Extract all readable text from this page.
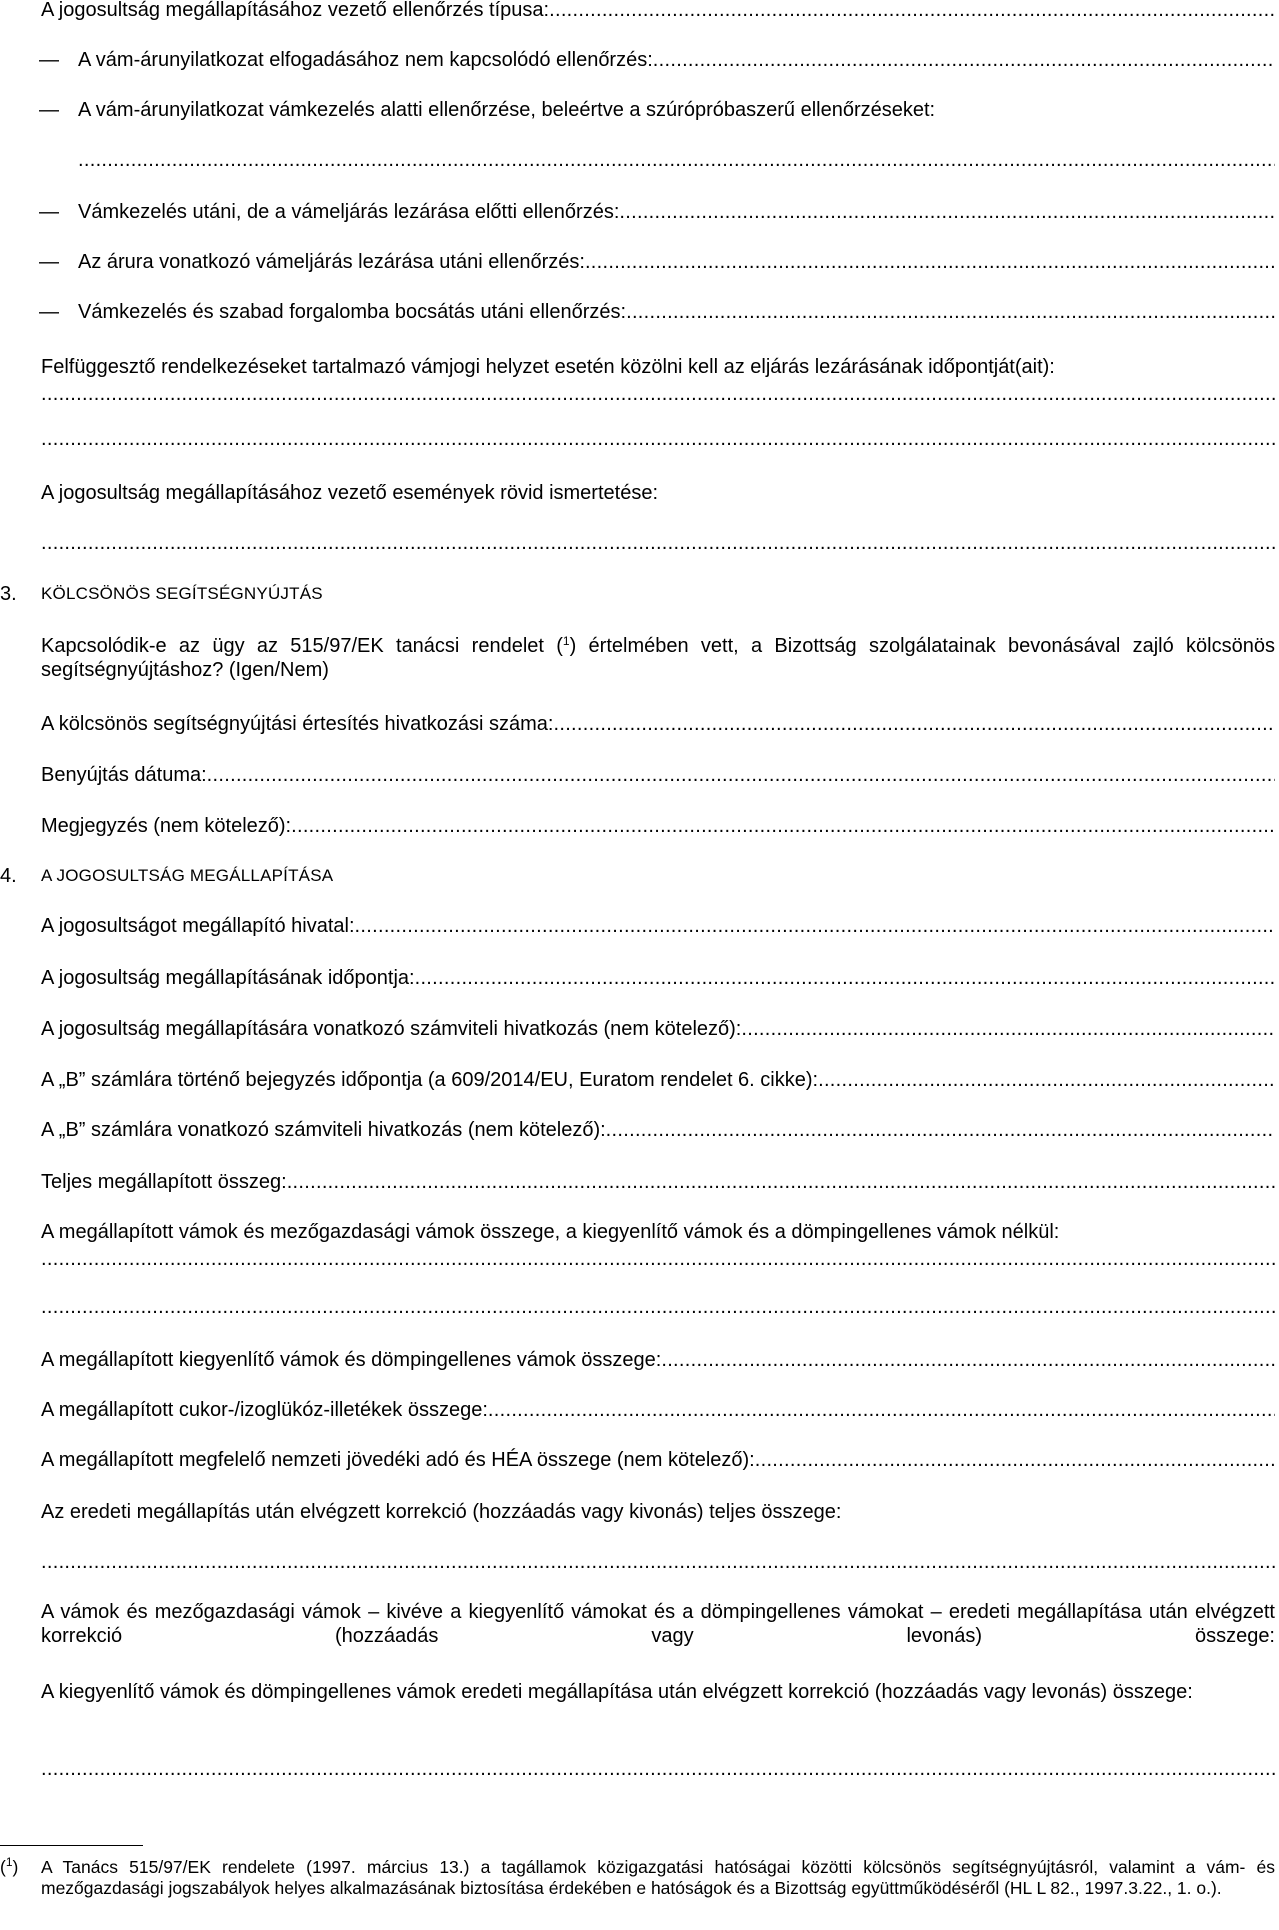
A jogosultság megállapításához vezető ellenőrzés típusa:
.....
— A vám-árunyilatkozat elfogadásához nem kapcsolódó ellenőrzés:
.....
— A vám-árunyilatkozat vámkezelés alatti ellenőrzése, beleértve a szúrópróbaszerű ellenőrzéseket:
.....
— Vámkezelés utáni, de a vámeljárás lezárása előtti ellenőrzés:
.....
— Az árura vonatkozó vámeljárás lezárása utáni ellenőrzés:
.....
— Vámkezelés és szabad forgalomba bocsátás utáni ellenőrzés:
.....
Felfüggesztő rendelkezéseket tartalmazó vámjogi helyzet esetén közölni kell az eljárás lezárásának időpontját(ait):
.....
.....
A jogosultság megállapításához vezető események rövid ismertetése:
.....
3. KÖLCSÖNÖS SEGÍTSÉGNYÚJTÁS
Kapcsolódik-e az ügy az 515/97/EK tanácsi rendelet ($^1$) értelmében vett, a Bizottság szolgálatainak bevonásával zajló kölcsönös segítségnyújtáshoz? (Igen/Nem)
A kölcsönös segítségnyújtási értesítés hivatkozási száma:
.....
Benyújtás dátuma:
.....
Megjegyzés (nem kötelező):
.....
4. A JOGOSULTSÁG MEGÁLLAPÍTÁSA
A jogosultságot megállapító hivatal:
.....
A jogosultság megállapításának időpontja:
.....
A jogosultság megállapítására vonatkozó számviteli hivatkozás (nem kötelező):
.....
A „B” számlára történő bejegyzés időpontja (a 609/2014/EU, Euratom rendelet 6. cikke):
.....
A „B” számlára vonatkozó számviteli hivatkozás (nem kötelező):
.....
Teljes megállapított összeg:
.....
A megállapított vámok és mezőgazdasági vámok összege, a kiegyenlítő vámok és a dömpingellenes vámok nélkül:
.....
.....
A megállapított kiegyenlítő vámok és dömpingellenes vámok összege:
.....
A megállapított cukor-/izoglükóz-illetékek összege:
.....
A megállapított megfelelő nemzeti jövedéki adó és HÉA összege (nem kötelező):
.....
Az eredeti megállapítás után elvégzett korrekció (hozzáadás vagy kivonás) teljes összege:
.....
A vámok és mezőgazdasági vámok – kivéve a kiegyenlítő vámokat és a dömpingellenes vámokat – eredeti megállapítása után elvégzett korrekció (hozzáadás vagy levonás) összege:
A kiegyenlítő vámok és dömpingellenes vámok eredeti megállapítása után elvégzett korrekció (hozzáadás vagy levonás) összege:
.....
($^1$) A Tanács 515/97/EK rendelete (1997. március 13.) a tagállamok közigazgatási hatóságai közötti kölcsönös segítségnyújtásról, valamint a vám- és mezőgazdasági jogszabályok helyes alkalmazásának biztosítása érdekében e hatóságok és a Bizottság együttműködéséről (HL L 82., 1997.3.22., 1. o.).
